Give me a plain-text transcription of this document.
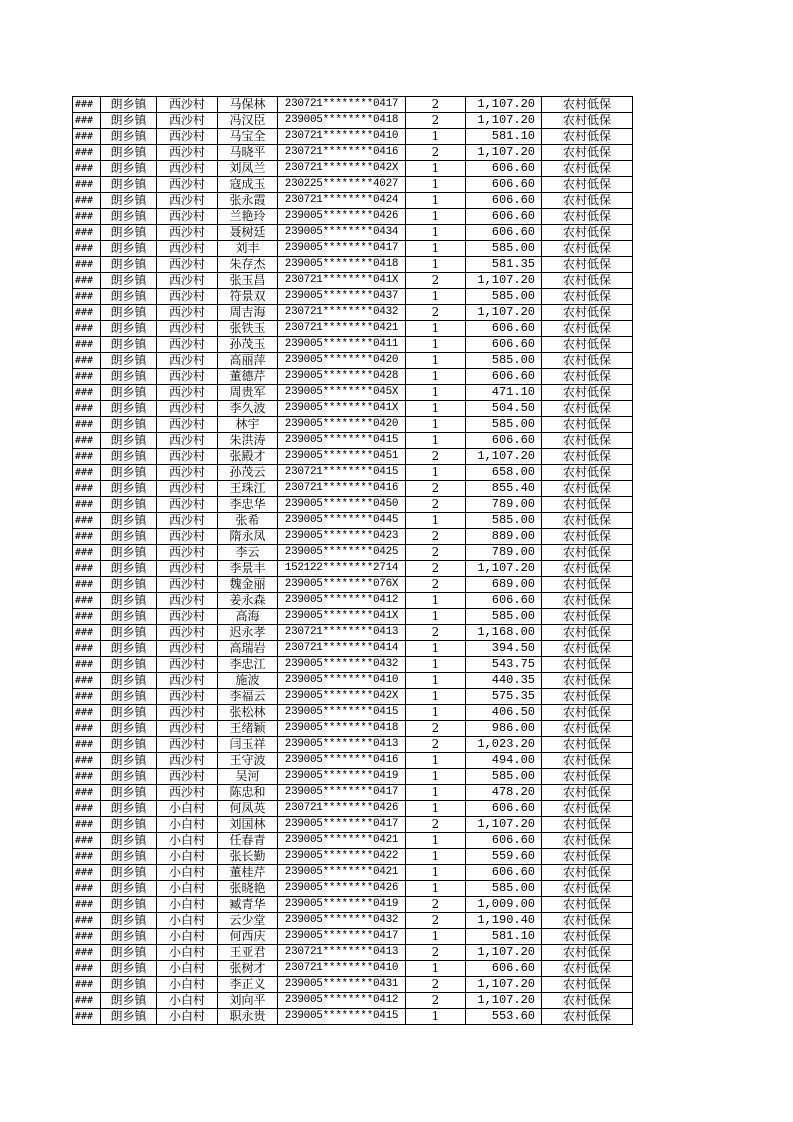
###	朗乡镇	西沙村	马保林	230721********0417	2	1,107.20	农村低保
###	朗乡镇	西沙村	冯汉臣	239005********0418	2	1,107.20	农村低保
###	朗乡镇	西沙村	马宝全	230721********0410	1	581.10	农村低保
###	朗乡镇	西沙村	马晓平	230721********0416	2	1,107.20	农村低保
###	朗乡镇	西沙村	刘凤兰	230721********042X	1	606.60	农村低保
###	朗乡镇	西沙村	寇成玉	230225********4027	1	606.60	农村低保
###	朗乡镇	西沙村	张永霞	230721********0424	1	606.60	农村低保
###	朗乡镇	西沙村	兰艳玲	239005********0426	1	606.60	农村低保
###	朗乡镇	西沙村	聂树廷	239005********0434	1	606.60	农村低保
###	朗乡镇	西沙村	刘丰	239005********0417	1	585.00	农村低保
###	朗乡镇	西沙村	朱存杰	239005********0418	1	581.35	农村低保
###	朗乡镇	西沙村	张玉昌	230721********041X	2	1,107.20	农村低保
###	朗乡镇	西沙村	符景双	239005********0437	1	585.00	农村低保
###	朗乡镇	西沙村	周吉海	230721********0432	2	1,107.20	农村低保
###	朗乡镇	西沙村	张铁玉	230721********0421	1	606.60	农村低保
###	朗乡镇	西沙村	孙茂玉	239005********0411	1	606.60	农村低保
###	朗乡镇	西沙村	高丽萍	239005********0420	1	585.00	农村低保
###	朗乡镇	西沙村	董德芹	239005********0428	1	606.60	农村低保
###	朗乡镇	西沙村	周贵军	239005********045X	1	471.10	农村低保
###	朗乡镇	西沙村	李久波	239005********041X	1	504.50	农村低保
###	朗乡镇	西沙村	林宇	239005********0420	1	585.00	农村低保
###	朗乡镇	西沙村	朱洪涛	239005********0415	1	606.60	农村低保
###	朗乡镇	西沙村	张殿才	239005********0451	2	1,107.20	农村低保
###	朗乡镇	西沙村	孙茂云	230721********0415	1	658.00	农村低保
###	朗乡镇	西沙村	王珠江	230721********0416	2	855.40	农村低保
###	朗乡镇	西沙村	李忠华	239005********0450	2	789.00	农村低保
###	朗乡镇	西沙村	张希	239005********0445	1	585.00	农村低保
###	朗乡镇	西沙村	隋永凤	239005********0423	2	889.00	农村低保
###	朗乡镇	西沙村	李云	239005********0425	2	789.00	农村低保
###	朗乡镇	西沙村	李景丰	152122********2714	2	1,107.20	农村低保
###	朗乡镇	西沙村	魏金丽	239005********076X	2	689.00	农村低保
###	朗乡镇	西沙村	姜永森	239005********0412	1	606.60	农村低保
###	朗乡镇	西沙村	高海	239005********041X	1	585.00	农村低保
###	朗乡镇	西沙村	迟永孝	230721********0413	2	1,168.00	农村低保
###	朗乡镇	西沙村	高瑞岩	230721********0414	1	394.50	农村低保
###	朗乡镇	西沙村	李忠江	239005********0432	1	543.75	农村低保
###	朗乡镇	西沙村	施波	239005********0410	1	440.35	农村低保
###	朗乡镇	西沙村	李福云	239005********042X	1	575.35	农村低保
###	朗乡镇	西沙村	张松林	239005********0415	1	406.50	农村低保
###	朗乡镇	西沙村	王绪颖	239005********0418	2	986.00	农村低保
###	朗乡镇	西沙村	闫玉祥	239005********0413	2	1,023.20	农村低保
###	朗乡镇	西沙村	王守波	239005********0416	1	494.00	农村低保
###	朗乡镇	西沙村	吴河	239005********0419	1	585.00	农村低保
###	朗乡镇	西沙村	陈忠和	239005********0417	1	478.20	农村低保
###	朗乡镇	小白村	何凤英	230721********0426	1	606.60	农村低保
###	朗乡镇	小白村	刘国林	239005********0417	2	1,107.20	农村低保
###	朗乡镇	小白村	任春青	239005********0421	1	606.60	农村低保
###	朗乡镇	小白村	张长勤	239005********0422	1	559.60	农村低保
###	朗乡镇	小白村	董桂芹	239005********0421	1	606.60	农村低保
###	朗乡镇	小白村	张晓艳	239005********0426	1	585.00	农村低保
###	朗乡镇	小白村	臧青华	239005********0419	2	1,009.00	农村低保
###	朗乡镇	小白村	云少堂	239005********0432	2	1,190.40	农村低保
###	朗乡镇	小白村	何西庆	239005********0417	1	581.10	农村低保
###	朗乡镇	小白村	王亚君	230721********0413	2	1,107.20	农村低保
###	朗乡镇	小白村	张树才	230721********0410	1	606.60	农村低保
###	朗乡镇	小白村	李正义	239005********0431	2	1,107.20	农村低保
###	朗乡镇	小白村	刘向平	239005********0412	2	1,107.20	农村低保
###	朗乡镇	小白村	职永贵	239005********0415	1	553.60	农村低保
